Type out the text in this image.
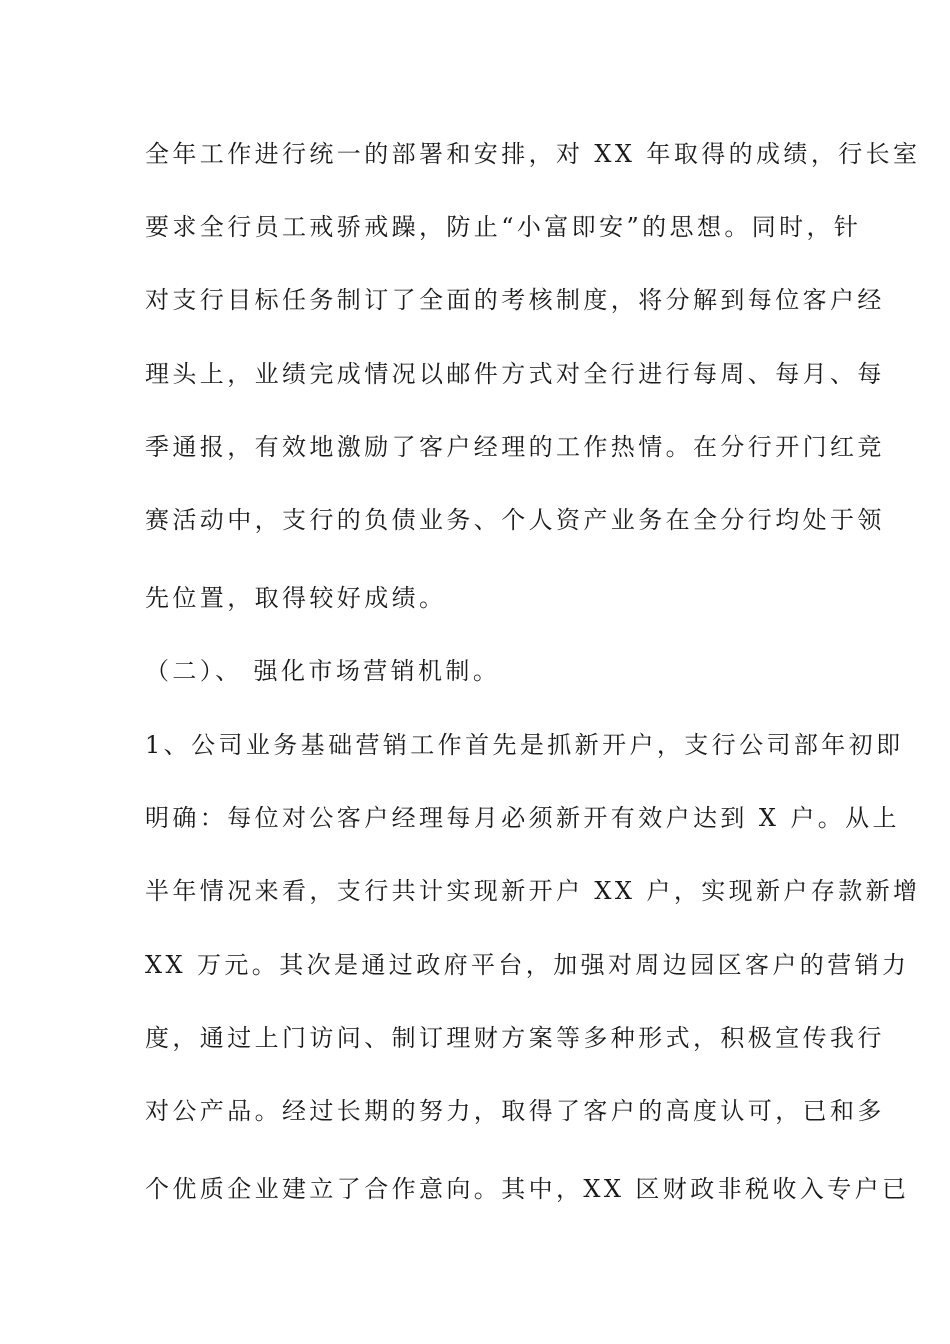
全年工作进行统一的部署和安排，对 XX 年取得的成绩，行长室
要求全行员工戒骄戒躁，防止“小富即安”的思想。同时，针
对支行目标任务制订了全面的考核制度，将分解到每位客户经
理头上，业绩完成情况以邮件方式对全行进行每周、每月、每
季通报，有效地激励了客户经理的工作热情。在分行开门红竞
赛活动中，支行的负债业务、个人资产业务在全分行均处于领
先位置，取得较好成绩。
（二）、 强化市场营销机制。
1、公司业务基础营销工作首先是抓新开户，支行公司部年初即
明确：每位对公客户经理每月必须新开有效户达到 X 户。从上
半年情况来看，支行共计实现新开户 XX 户，实现新户存款新增
XX 万元。其次是通过政府平台，加强对周边园区客户的营销力
度，通过上门访问、制订理财方案等多种形式，积极宣传我行
对公产品。经过长期的努力，取得了客户的高度认可，已和多
个优质企业建立了合作意向。其中，XX 区财政非税收入专户已
